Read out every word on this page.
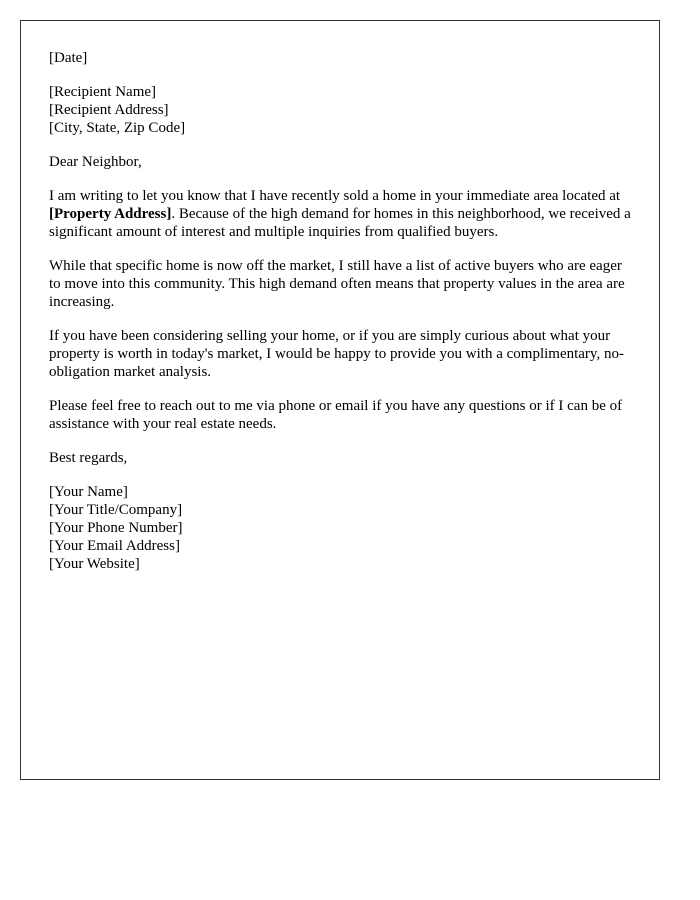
[Date]
[Recipient Name]
[Recipient Address]
[City, State, Zip Code]

Dear Neighbor,

I am writing to let you know that I have recently sold a home in your immediate area located at [Property Address]. Because of the high demand for homes in this neighborhood, we received a significant amount of interest and multiple inquiries from qualified buyers.

While that specific home is now off the market, I still have a list of active buyers who are eager to move into this community. This high demand often means that property values in the area are increasing.

If you have been considering selling your home, or if you are simply curious about what your property is worth in today's market, I would be happy to provide you with a complimentary, no-obligation market analysis.

Please feel free to reach out to me via phone or email if you have any questions or if I can be of assistance with your real estate needs.

Best regards,

[Your Name]
[Your Title/Company]
[Your Phone Number]
[Your Email Address]
[Your Website]
